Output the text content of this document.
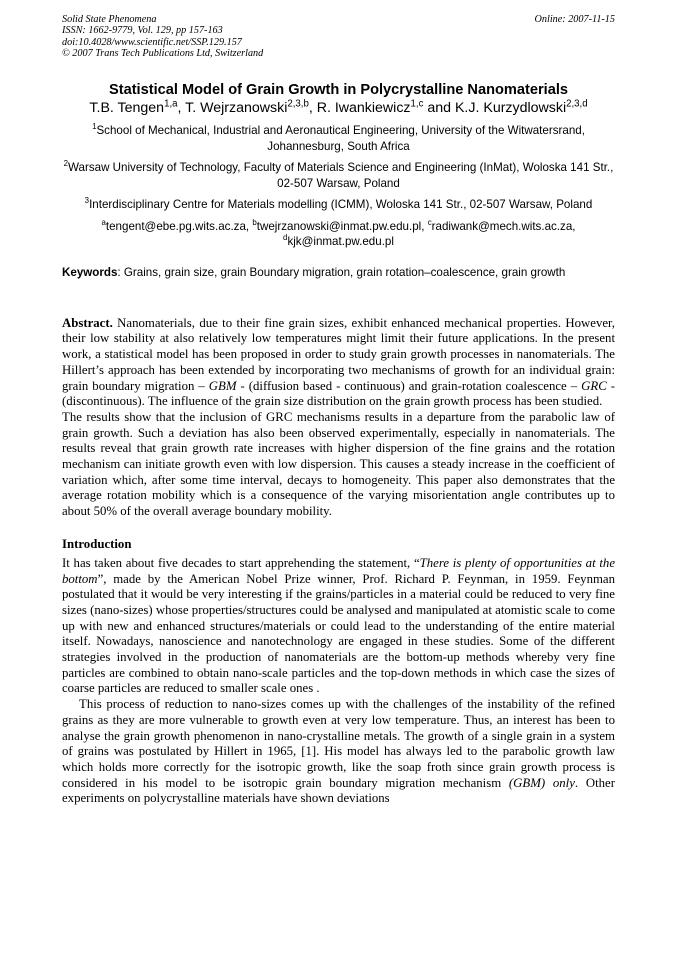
Solid State Phenomena
ISSN: 1662-9779, Vol. 129, pp 157-163
doi:10.4028/www.scientific.net/SSP.129.157
© 2007 Trans Tech Publications Ltd, Switzerland
Online: 2007-11-15
Statistical Model of Grain Growth in Polycrystalline Nanomaterials
T.B. Tengen$^{1,a}$, T. Wejrzanowski$^{2,3,b}$, R. Iwankiewicz$^{1,c}$ and K.J. Kurzydlowski$^{2,3,d}$
$^1$School of Mechanical, Industrial and Aeronautical Engineering, University of the Witwatersrand, Johannesburg, South Africa
$^2$Warsaw University of Technology, Faculty of Materials Science and Engineering (InMat), Woloska 141 Str., 02-507 Warsaw, Poland
$^3$Interdisciplinary Centre for Materials modelling (ICMM), Woloska 141 Str., 02-507 Warsaw, Poland
$^a$tengent@ebe.pg.wits.ac.za, $^b$twejrzanowski@inmat.pw.edu.pl, $^c$radiwank@mech.wits.ac.za, $^d$kjk@inmat.pw.edu.pl
Keywords: Grains, grain size, grain Boundary migration, grain rotation–coalescence, grain growth

Abstract. Nanomaterials, due to their fine grain sizes, exhibit enhanced mechanical properties. However, their low stability at also relatively low temperatures might limit their future applications. In the present work, a statistical model has been proposed in order to study grain growth processes in nanomaterials. The Hillert’s approach has been extended by incorporating two mechanisms of growth for an individual grain: grain boundary migration – GBM - (diffusion based - continuous) and grain-rotation coalescence – GRC - (discontinuous). The influence of the grain size distribution on the grain growth process has been studied.

The results show that the inclusion of GRC mechanisms results in a departure from the parabolic law of grain growth. Such a deviation has also been observed experimentally, especially in nanomaterials. The results reveal that grain growth rate increases with higher dispersion of the fine grains and the rotation mechanism can initiate growth even with low dispersion. This causes a steady increase in the coefficient of variation which, after some time interval, decays to homogeneity. This paper also demonstrates that the average rotation mobility which is a consequence of the varying misorientation angle contributes up to about 50% of the overall average boundary mobility.

Introduction

It has taken about five decades to start apprehending the statement, “There is plenty of opportunities at the bottom”, made by the American Nobel Prize winner, Prof. Richard P. Feynman, in 1959. Feynman postulated that it would be very interesting if the grains/particles in a material could be reduced to very fine sizes (nano-sizes) whose properties/structures could be analysed and manipulated at atomistic scale to come up with new and enhanced structures/materials or could lead to the understanding of the entire material itself. Nowadays, nanoscience and nanotechnology are engaged in these studies. Some of the different strategies involved in the production of nanomaterials are the bottom-up methods whereby very fine particles are combined to obtain nano-scale particles and the top-down methods in which case the sizes of coarse particles are reduced to smaller scale ones .

This process of reduction to nano-sizes comes up with the challenges of the instability of the refined grains as they are more vulnerable to growth even at very low temperature. Thus, an interest has been to analyse the grain growth phenomenon in nano-crystalline metals. The growth of a single grain in a system of grains was postulated by Hillert in 1965, [1]. His model has always led to the parabolic growth law which holds more correctly for the isotropic growth, like the soap froth since grain growth process is considered in his model to be isotropic grain boundary migration mechanism (GBM) only. Other experiments on polycrystalline materials have shown deviations
